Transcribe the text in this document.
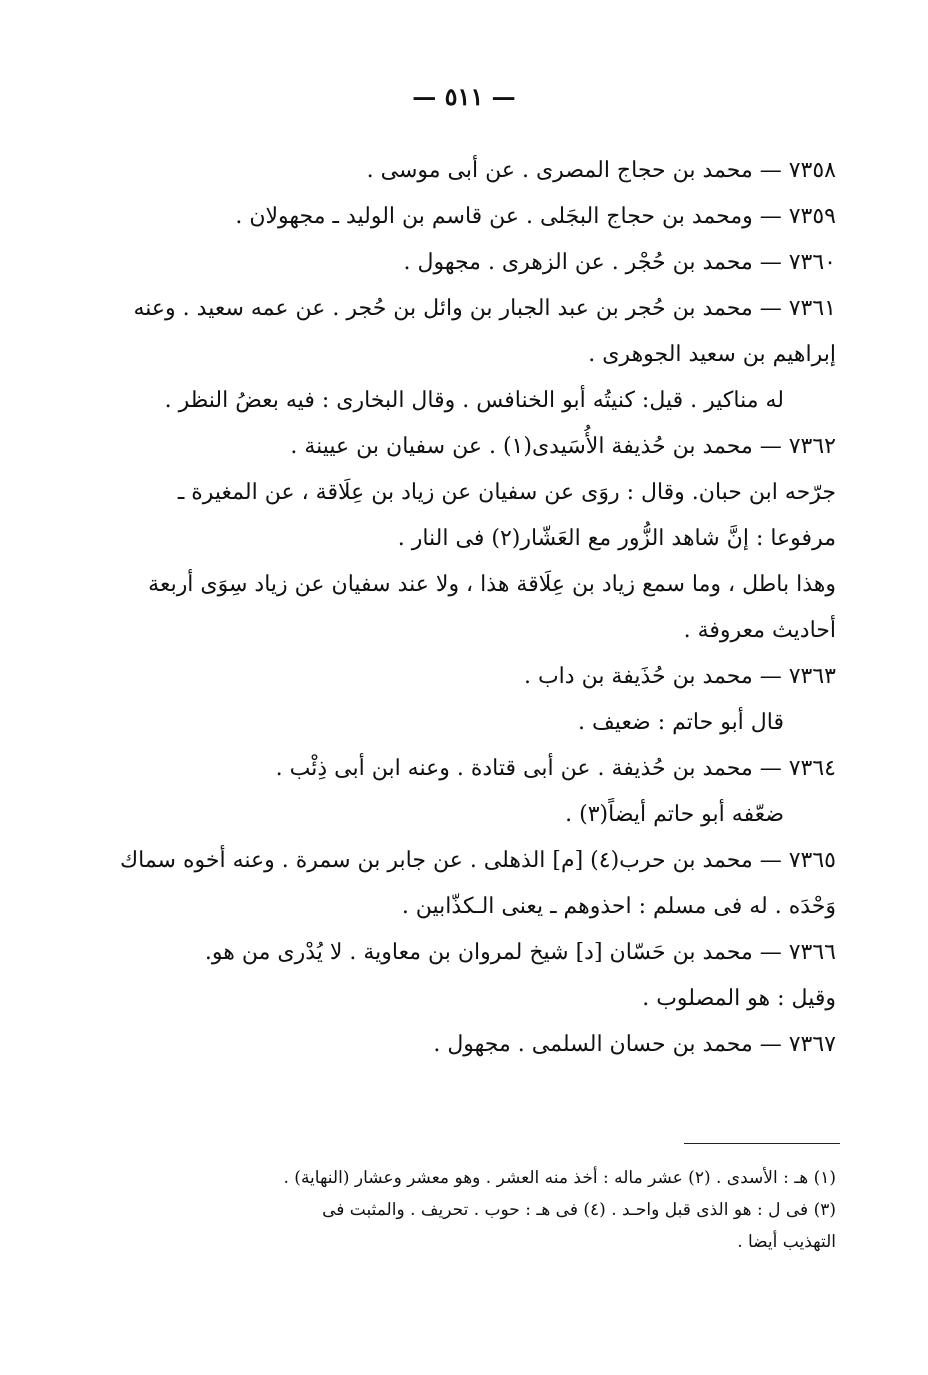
— ٥١١ —
٧٣٥٨ — محمد بن حجاج المصرى . عن أبى موسى .
٧٣٥٩ — ومحمد بن حجاج البجَلى . عن قاسم بن الوليد ـ مجهولان .
٧٣٦٠ — محمد بن حُجْر . عن الزهرى . مجهول .
٧٣٦١ — محمد بن حُجر بن عبد الجبار بن وائل بن حُجر . عن عمه سعيد . وعنه
إبراهيم بن سعيد الجوهرى .
له مناكير . قيل: كنيتُه أبو الخنافس . وقال البخارى : فيه بعضُ النظر .
٧٣٦٢ — محمد بن حُذيفة الأُسَيدى(١) . عن سفيان بن عيينة .
جرّحه ابن حبان. وقال : روَى عن سفيان عن زياد بن عِلَاقة ، عن المغيرة ـ
مرفوعا : إنَّ شاهد الزُّور مع العَشّار(٢) فى النار .
وهذا باطل ، وما سمع زياد بن عِلَاقة هذا ، ولا عند سفيان عن زياد سِوَى أربعة
أحاديث معروفة .
٧٣٦٣ — محمد بن حُذَيفة بن داب .
قال أبو حاتم : ضعيف .
٧٣٦٤ — محمد بن حُذيفة . عن أبى قتادة . وعنه ابن أبى ذِئْب .
ضعّفه أبو حاتم أيضاً(٣) .
٧٣٦٥ — محمد بن حرب(٤) [م] الذهلى . عن جابر بن سمرة . وعنه أخوه سماك
وَحْدَه . له فى مسلم : احذوهم ـ يعنى الـكذّابين .
٧٣٦٦ — محمد بن حَسّان [د] شيخ لمروان بن معاوية . لا يُدْرى من هو.
وقيل : هو المصلوب .
٧٣٦٧ — محمد بن حسان السلمى . مجهول .
(١) هـ : الأسدى . (٢) عشر ماله : أخذ منه العشر . وهو معشر وعشار (النهاية) .
(٣) فى ل : هو الذى قبل واحـد . (٤) فى هـ : حوب . تحريف . والمثبت فى
التهذيب أيضا .
